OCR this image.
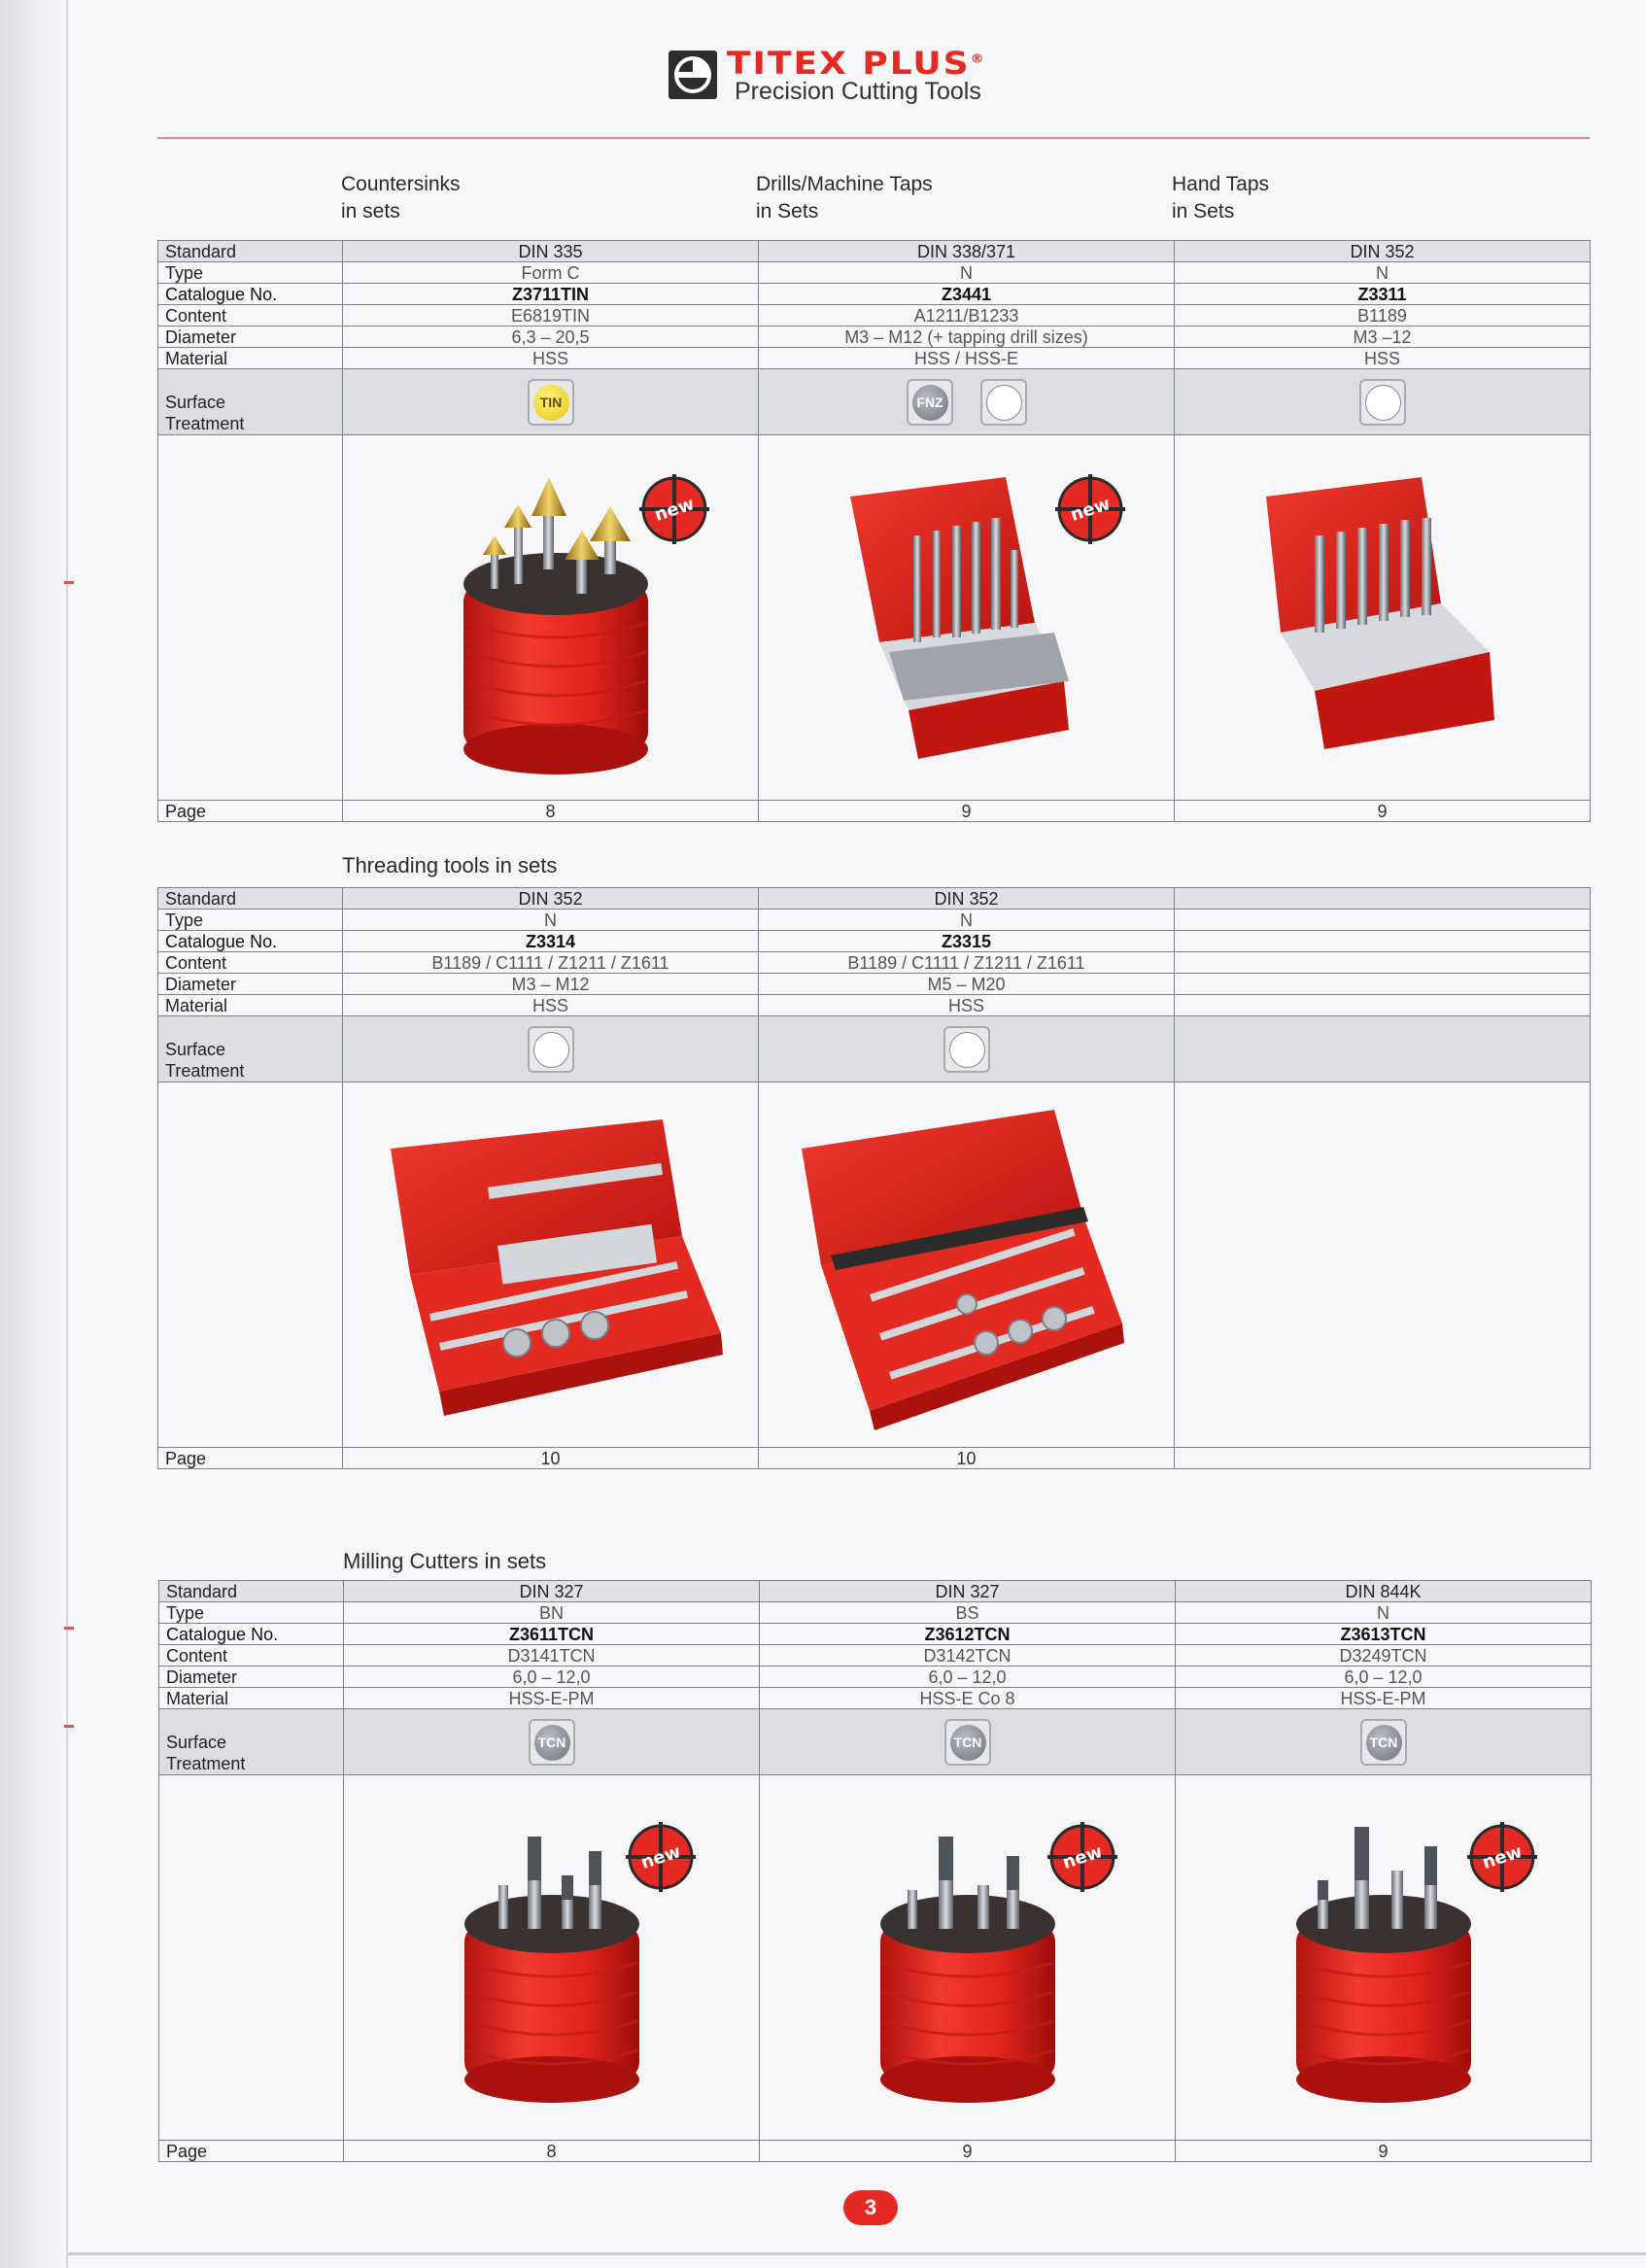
TITEX PLUS®
Precision Cutting Tools
Countersinks
in sets
Drills/Machine Taps
in Sets
Hand Taps
in Sets
Threading tools in sets
Milling Cutters in sets
Standard	DIN 335	DIN 338/371	DIN 352
Type	Form C	N	N
Catalogue No.	Z3711TIN	Z3441	Z3311
Content	E6819TIN	A1211/B1233	B1189
Diameter	6,3 – 20,5	M3 – M12 (+ tapping drill sizes)	M3 –12
Material	HSS	HSS / HSS-E	HSS
Surface
Treatment	TIN	FNZ	

new	new

Page	8	9	9
Standard	DIN 352	DIN 352	
Type	N	N	
Catalogue No.	Z3314	Z3315	
Content	B1189 / C1111 / Z1211 / Z1611	B1189 / C1111 / Z1211 / Z1611	
Diameter	M3 – M12	M5 – M20	
Material	HSS	HSS	
Surface
Treatment	

Page	10	10	
Standard	DIN 327	DIN 327	DIN 844K
Type	BN	BS	N
Catalogue No.	Z3611TCN	Z3612TCN	Z3613TCN
Content	D3141TCN	D3142TCN	D3249TCN
Diameter	6,0 – 12,0	6,0 – 12,0	6,0 – 12,0
Material	HSS-E-PM	HSS-E Co 8	HSS-E-PM
Surface
Treatment	TCN	TCN	TCN

new	new	new

Page	8	9	9
3
